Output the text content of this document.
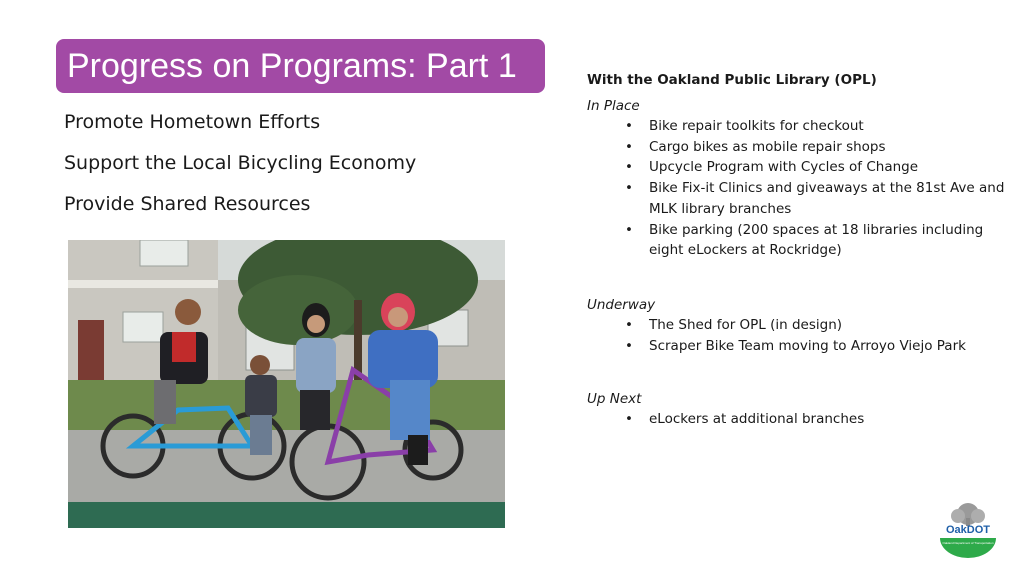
Progress on Programs: Part 1
Promote Hometown Efforts
Support the Local Bicycling Economy
Provide Shared Resources
With the Oakland Public Library (OPL)
In Place
• Bike repair toolkits for checkout
• Cargo bikes as mobile repair shops
• Upcycle Program with Cycles of Change
• Bike Fix-it Clinics and giveaways at the 81st Ave and MLK library branches
• Bike parking (200 spaces at 18 libraries including eight eLockers at Rockridge)
Underway
• The Shed for OPL (in design)
• Scraper Bike Team moving to Arroyo Viejo Park
Up Next
• eLockers at additional branches
OakDOT
Oakland Department of Transportation
